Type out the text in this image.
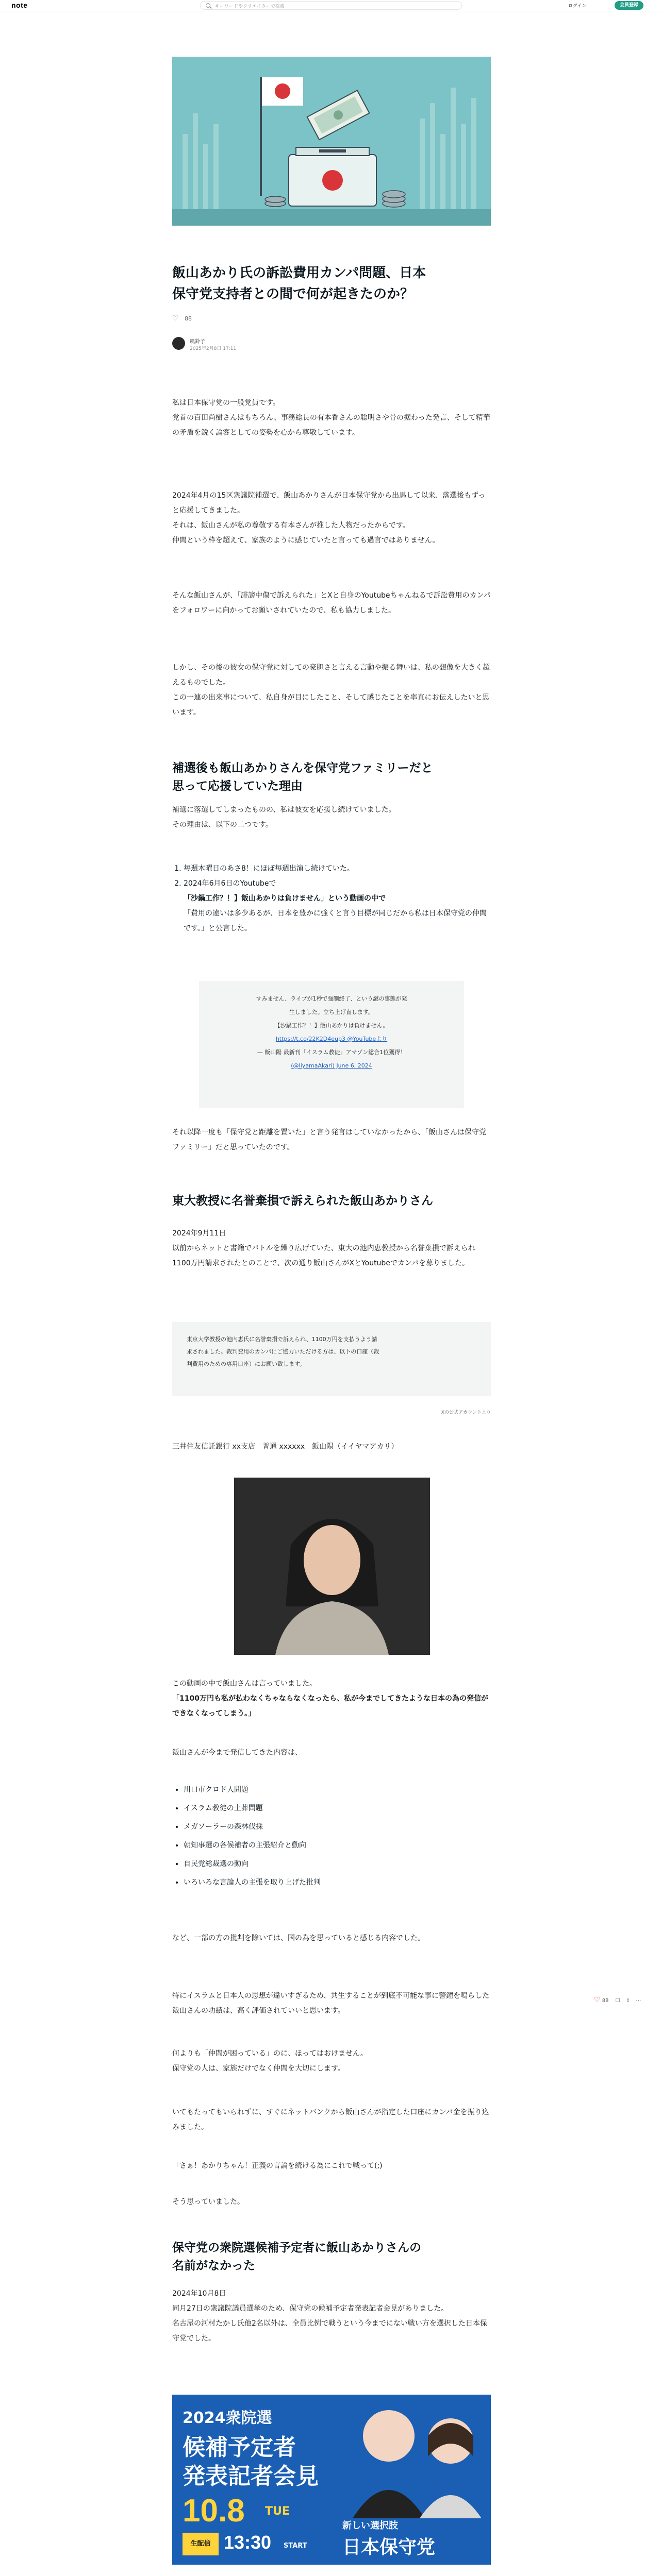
note	キーワードやクリエイターで検索	ログイン	会員登録
飯山あかり氏の訴訟費用カンパ問題、日本
保守党支持者との間で何が起きたのか？
♡ 88
風鈴子
2025年2月8日 17:11
私は日本保守党の一般党員です。
党首の百田尚樹さんはもちろん、事務総長の有本香さんの聡明さや骨の据わった発言、そして精華の矛盾を鋭く論客としての姿勢を心から尊敬しています。
2024年4月の15区衆議院補選で、飯山あかりさんが日本保守党から出馬して以来、落選後もずっと応援してきました。
それは、飯山さんが私の尊敬する有本さんが推した人物だったからです。
仲間という枠を超えて、家族のように感じていたと言っても過言ではありません。
そんな飯山さんが、「誹謗中傷で訴えられた」とXと自身のYoutubeちゃんねるで訴訟費用のカンパをフォロワーに向かってお願いされていたので、私も協力しました。
しかし、その後の彼女の保守党に対しての豪胆さと言える言動や振る舞いは、私の想像を大きく超えるものでした。
この一連の出来事について、私自身が目にしたこと、そして感じたことを率直にお伝えしたいと思います。
補選後も飯山あかりさんを保守党ファミリーだと
思って応援していた理由
補選に落選してしまったものの、私は彼女を応援し続けていました。
その理由は、以下の二つです。
1. 毎週木曜日のあさ8！にほぼ毎週出演し続けていた。
2. 2024年6月6日のYoutubeで
「沙鍋工作？！】飯山あかりは負けません」という動画の中で
「費用の違いは多少あるが、日本を豊かに強くと言う目標が同じだから私は日本保守党の仲間です。」と公言した。
すみません、ライブが1秒で強制終了、という謎の事態が発
生しました。立ち上げ直します。
【沙鍋工作？！】飯山あかりは負けません。
https://t.co/22K2D4eup3 @YouTubeより
— 飯山陽 最新刊「イスラム教徒」アマゾン総合1位獲得！
(@IiyamaAkari) June 6, 2024
それ以降一度も「保守党と距離を置いた」と言う発言はしていなかったから、「飯山さんは保守党ファミリー」だと思っていたのです。
東大教授に名誉棄損で訴えられた飯山あかりさん
2024年9月11日
以前からネットと書籍でバトルを繰り広げていた、東大の池内恵教授から名誉棄損で訴えられ1100万円請求されたとのことで、次の通り飯山さんがXとYoutubeでカンパを募りました。
東京大学教授の池内恵氏に名誉棄損で訴えられ、1100万円を支払うよう請
求されました。裁判費用のカンパにご協力いただける方は、以下の口座（裁
判費用のための専用口座）にお願い致します。
Xの公式アカウントより
三井住友信託銀行 xx支店　普通 xxxxxx　飯山陽（イイヤマアカリ）
この動画の中で飯山さんは言っていました。
「1100万円も私が払わなくちゃならなくなったら、私が今までしてきたような日本の為の発信ができなくなってしまう。」
飯山さんが今まで発信してきた内容は、
• 川口市クロド人問題
• イスラム教徒の土葬問題
• メガソーラーの森林伐採
• 朝知事選の各候補者の主張紹介と動向
• 自民党総裁選の動向
• いろいろな言論人の主張を取り上げた批判
など、一部の方の批判を除いては、国の為を思っていると感じる内容でした。
特にイスラムと日本人の思想が違いすぎるため、共生することが到底不可能な事に警鐘を鳴らした飯山さんの功績は、高く評価されていいと思います。
何よりも「仲間が困っている」のに、ほってはおけません。
保守党の人は、家族だけでなく仲間を大切にします。
いてもたってもいられずに、すぐにネットバンクから飯山さんが指定した口座にカンパ金を振り込みました。
「さぁ！あかりちゃん！正義の言論を続ける為にこれで戦って(;)
そう思っていました。
保守党の衆院選候補予定者に飯山あかりさんの
名前がなかった
2024年10月8日
同月27日の衆議院議員選挙のため、保守党の候補予定者発表記者会見がありました。
名古屋の河村たかし氏他2名以外は、全員比例で戦うという今までにない戦い方を選択した日本保守党でした。
2024衆院選
候補予定者
発表記者会見
10.8 TUE
生配信 13:30 START
新しい選択肢
日本保守党
♡ 88 ☐ ⇪ ⋯
